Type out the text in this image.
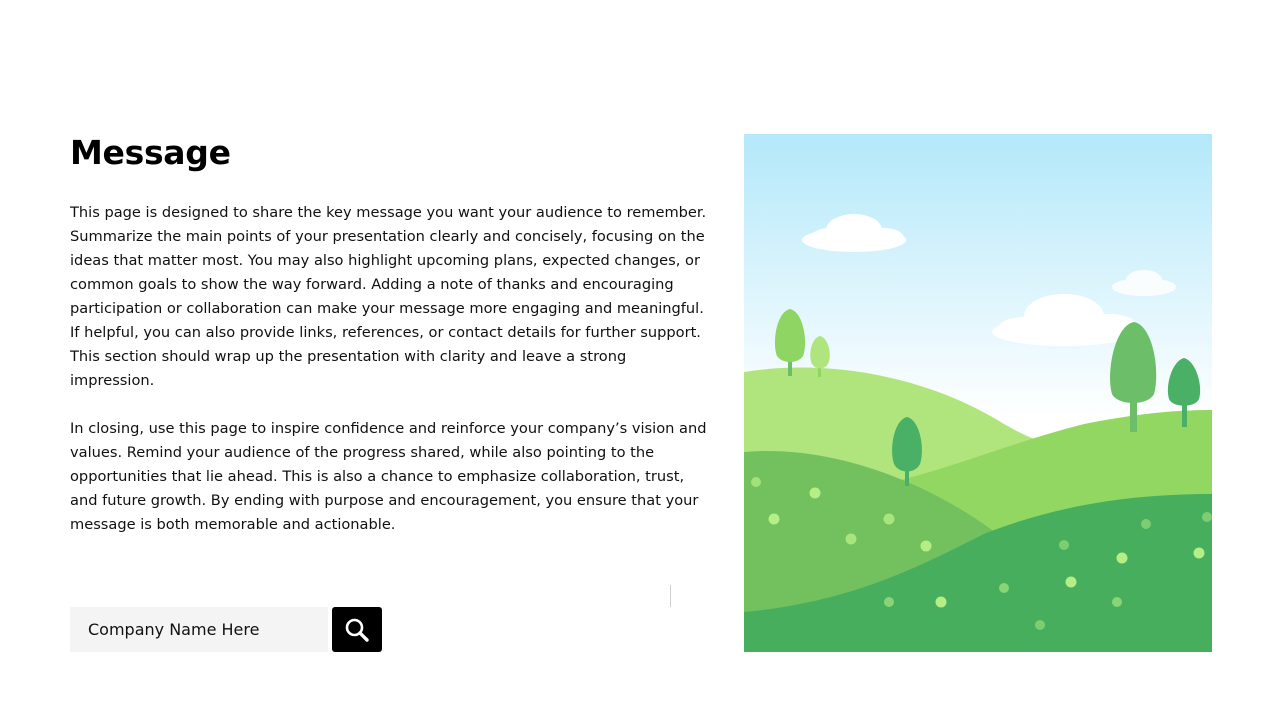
Message

This page is designed to share the key message you want your audience to remember. Summarize the main points of your presentation clearly and concisely, focusing on the ideas that matter most. You may also highlight upcoming plans, expected changes, or common goals to show the way forward. Adding a note of thanks and encouraging participation or collaboration can make your message more engaging and meaningful. If helpful, you can also provide links, references, or contact details for further support. This section should wrap up the presentation with clarity and leave a strong impression.

In closing, use this page to inspire confidence and reinforce your company’s vision and values. Remind your audience of the progress shared, while also pointing to the opportunities that lie ahead. This is also a chance to emphasize collaboration, trust, and future growth. By ending with purpose and encouragement, you ensure that your message is both memorable and actionable.

Company Name Here
